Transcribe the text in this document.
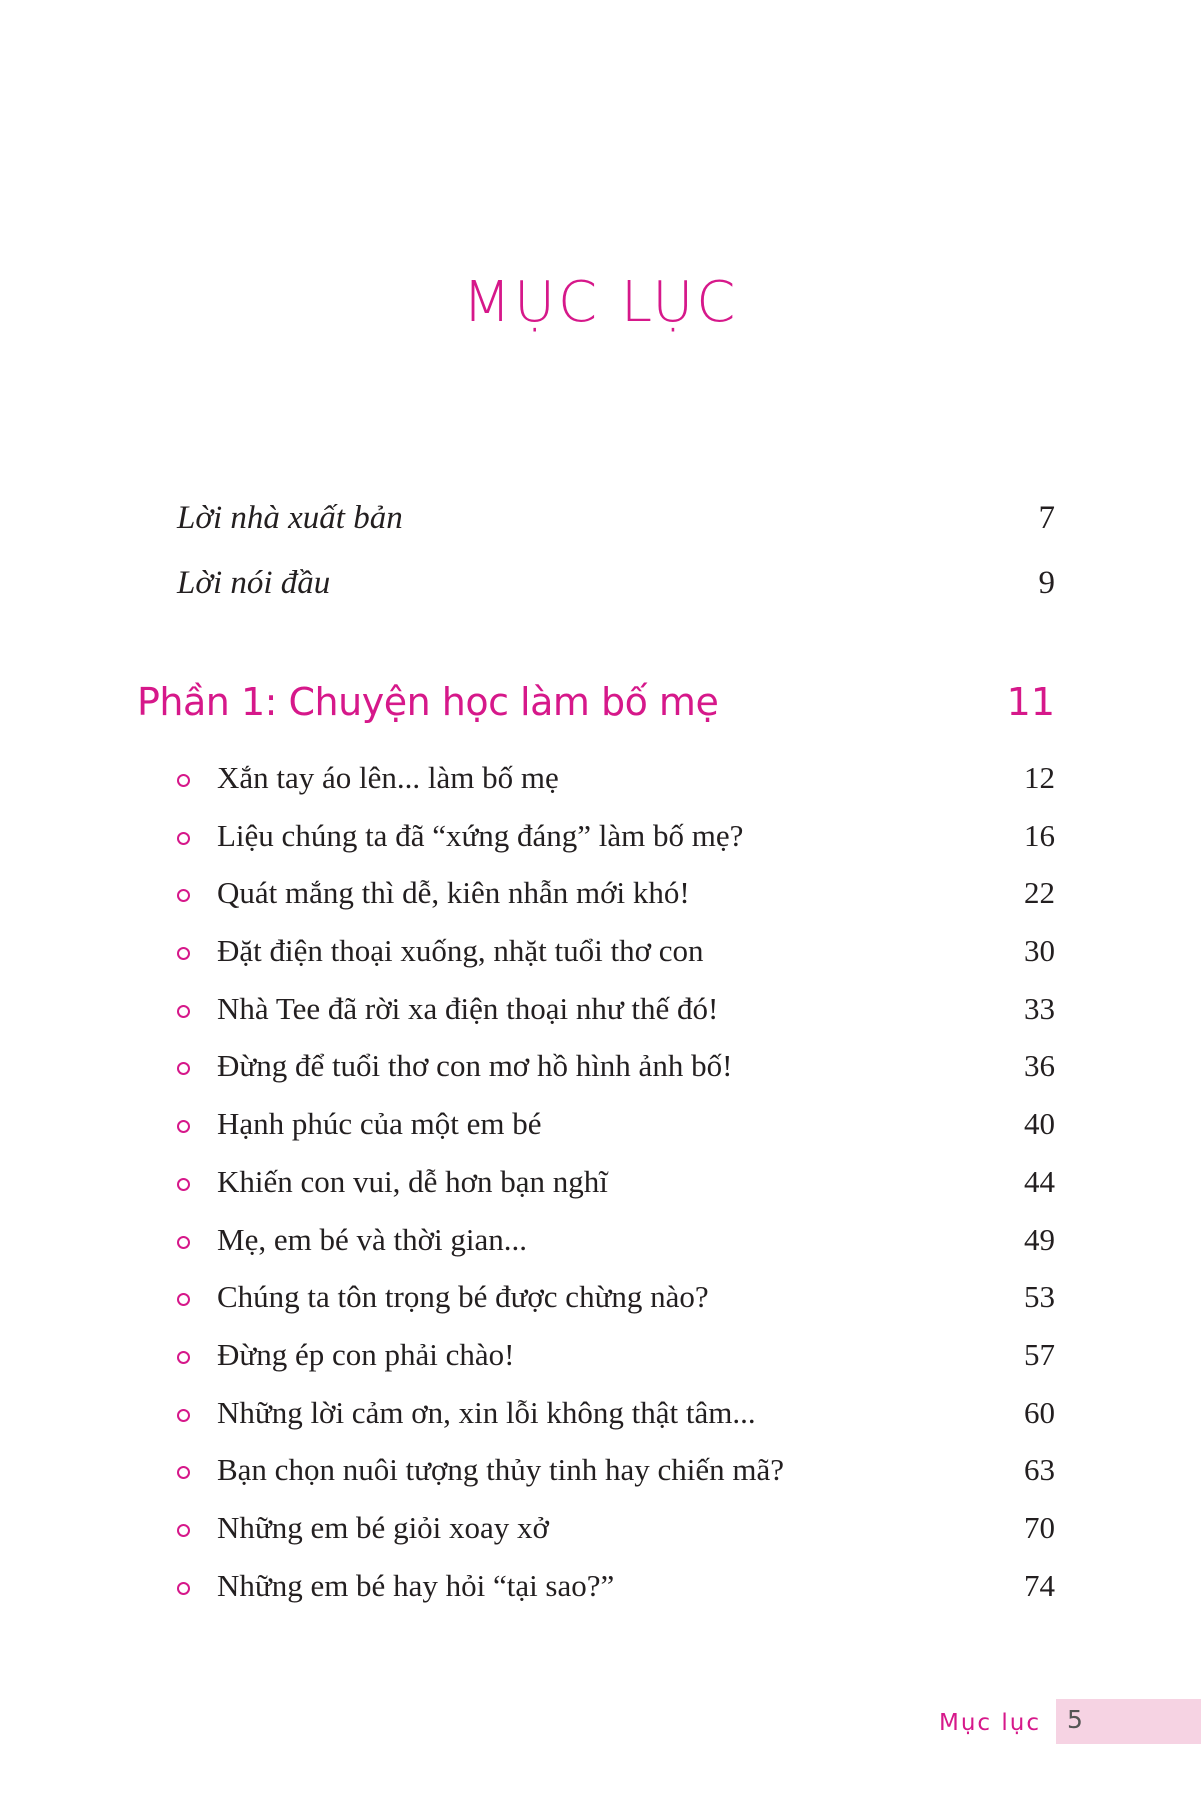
MỤC LỤC
Lời nhà xuất bản	7
Lời nói đầu	9
Phần 1: Chuyện học làm bố mẹ	11
Xắn tay áo lên... làm bố mẹ	12
Liệu chúng ta đã “xứng đáng” làm bố mẹ?	16
Quát mắng thì dễ, kiên nhẫn mới khó!	22
Đặt điện thoại xuống, nhặt tuổi thơ con	30
Nhà Tee đã rời xa điện thoại như thế đó!	33
Đừng để tuổi thơ con mơ hồ hình ảnh bố!	36
Hạnh phúc của một em bé	40
Khiến con vui, dễ hơn bạn nghĩ	44
Mẹ, em bé và thời gian...	49
Chúng ta tôn trọng bé được chừng nào?	53
Đừng ép con phải chào!	57
Những lời cảm ơn, xin lỗi không thật tâm...	60
Bạn chọn nuôi tượng thủy tinh hay chiến mã?	63
Những em bé giỏi xoay xở	70
Những em bé hay hỏi “tại sao?”	74
Mục lục 5
